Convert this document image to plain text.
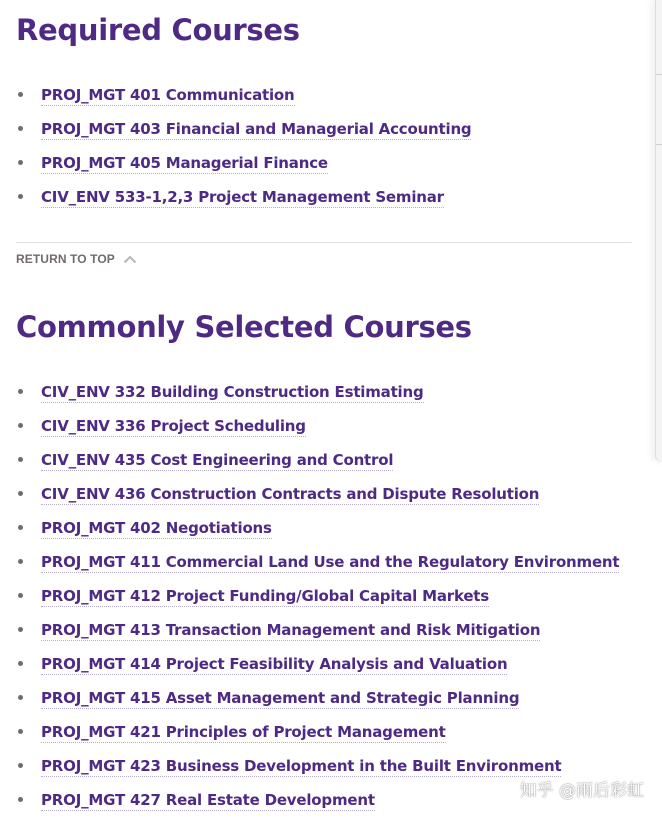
Required Courses
PROJ_MGT 401 Communication
PROJ_MGT 403 Financial and Managerial Accounting
PROJ_MGT 405 Managerial Finance
CIV_ENV 533-1,2,3 Project Management Seminar
RETURN TO TOP
Commonly Selected Courses
CIV_ENV 332 Building Construction Estimating
CIV_ENV 336 Project Scheduling
CIV_ENV 435 Cost Engineering and Control
CIV_ENV 436 Construction Contracts and Dispute Resolution
PROJ_MGT 402 Negotiations
PROJ_MGT 411 Commercial Land Use and the Regulatory Environment
PROJ_MGT 412 Project Funding/Global Capital Markets
PROJ_MGT 413 Transaction Management and Risk Mitigation
PROJ_MGT 414 Project Feasibility Analysis and Valuation
PROJ_MGT 415 Asset Management and Strategic Planning
PROJ_MGT 421 Principles of Project Management
PROJ_MGT 423 Business Development in the Built Environment
PROJ_MGT 427 Real Estate Development	知乎 @雨后彩虹
